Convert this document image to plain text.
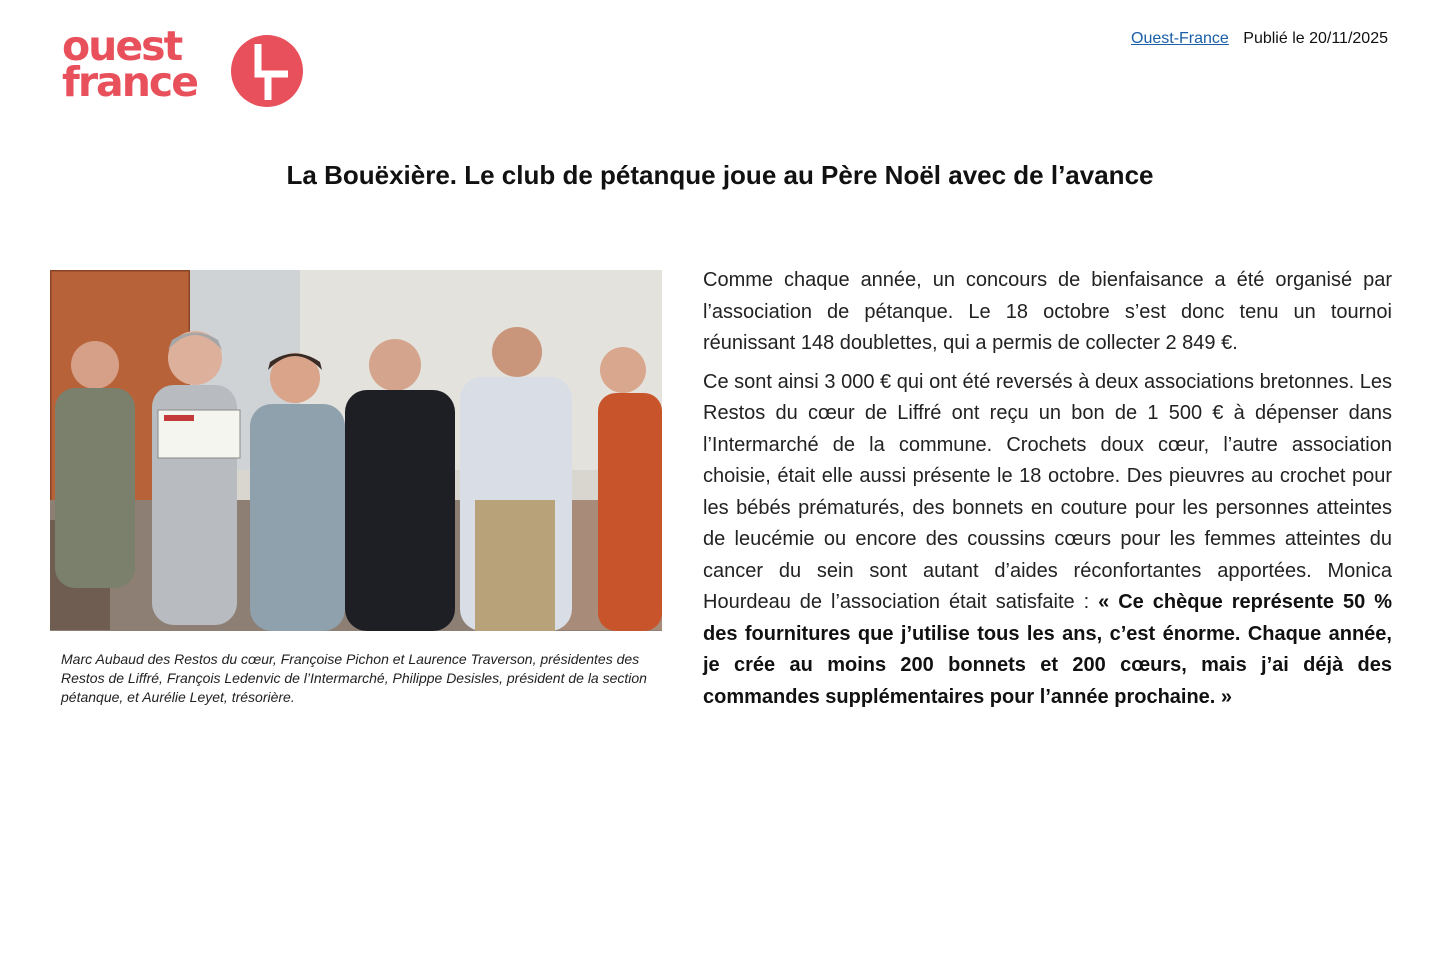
ouest
france
Ouest-France Publié le 20/11/2025
La Bouëxière. Le club de pétanque joue au Père Noël avec de l’avance
Marc Aubaud des Restos du cœur, Françoise Pichon et Laurence Traverson, présidentes des Restos de Liffré, François Ledenvic de l’Intermarché, Philippe Desisles, président de la section pétanque, et Aurélie Leyet, trésorière.

Comme chaque année, un concours de bienfaisance a été organisé par l’association de pétanque. Le 18 octobre s’est donc tenu un tournoi réunissant 148 doublettes, qui a permis de collecter 2 849 €.

Ce sont ainsi 3 000 € qui ont été reversés à deux associations bretonnes. Les Restos du cœur de Liffré ont reçu un bon de 1 500 € à dépenser dans l’Intermarché de la commune. Crochets doux cœur, l’autre association choisie, était elle aussi présente le 18 octobre. Des pieuvres au crochet pour les bébés prématurés, des bonnets en couture pour les personnes atteintes de leucémie ou encore des coussins cœurs pour les femmes atteintes du cancer du sein sont autant d’aides réconfortantes apportées. Monica Hourdeau de l’association était satisfaite : « Ce chèque représente 50 % des fournitures que j’utilise tous les ans, c’est énorme. Chaque année, je crée au moins 200 bonnets et 200 cœurs, mais j’ai déjà des commandes supplémentaires pour l’année prochaine. »
